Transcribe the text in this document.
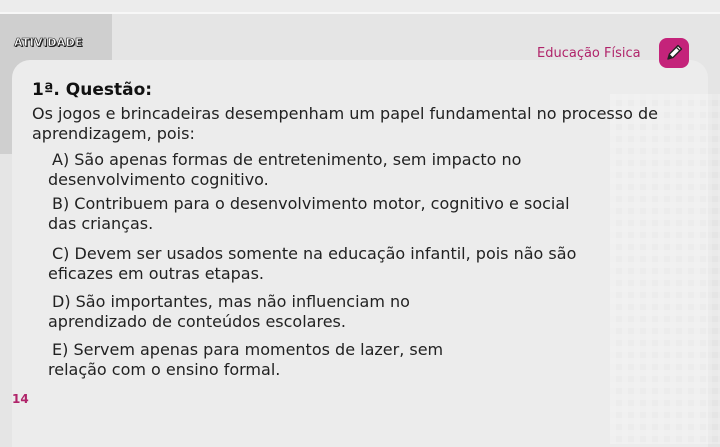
ATIVIDADE
Educação Física
1ª. Questão:
Os jogos e brincadeiras desempenham um papel fundamental no processo de aprendizagem, pois:
A) São apenas formas de entretenimento, sem impacto no
desenvolvimento cognitivo.
B) Contribuem para o desenvolvimento motor, cognitivo e social
das crianças.
C) Devem ser usados somente na educação infantil, pois não são
eficazes em outras etapas.
D) São importantes, mas não influenciam no
aprendizado de conteúdos escolares.
E) Servem apenas para momentos de lazer, sem
relação com o ensino formal.
14
